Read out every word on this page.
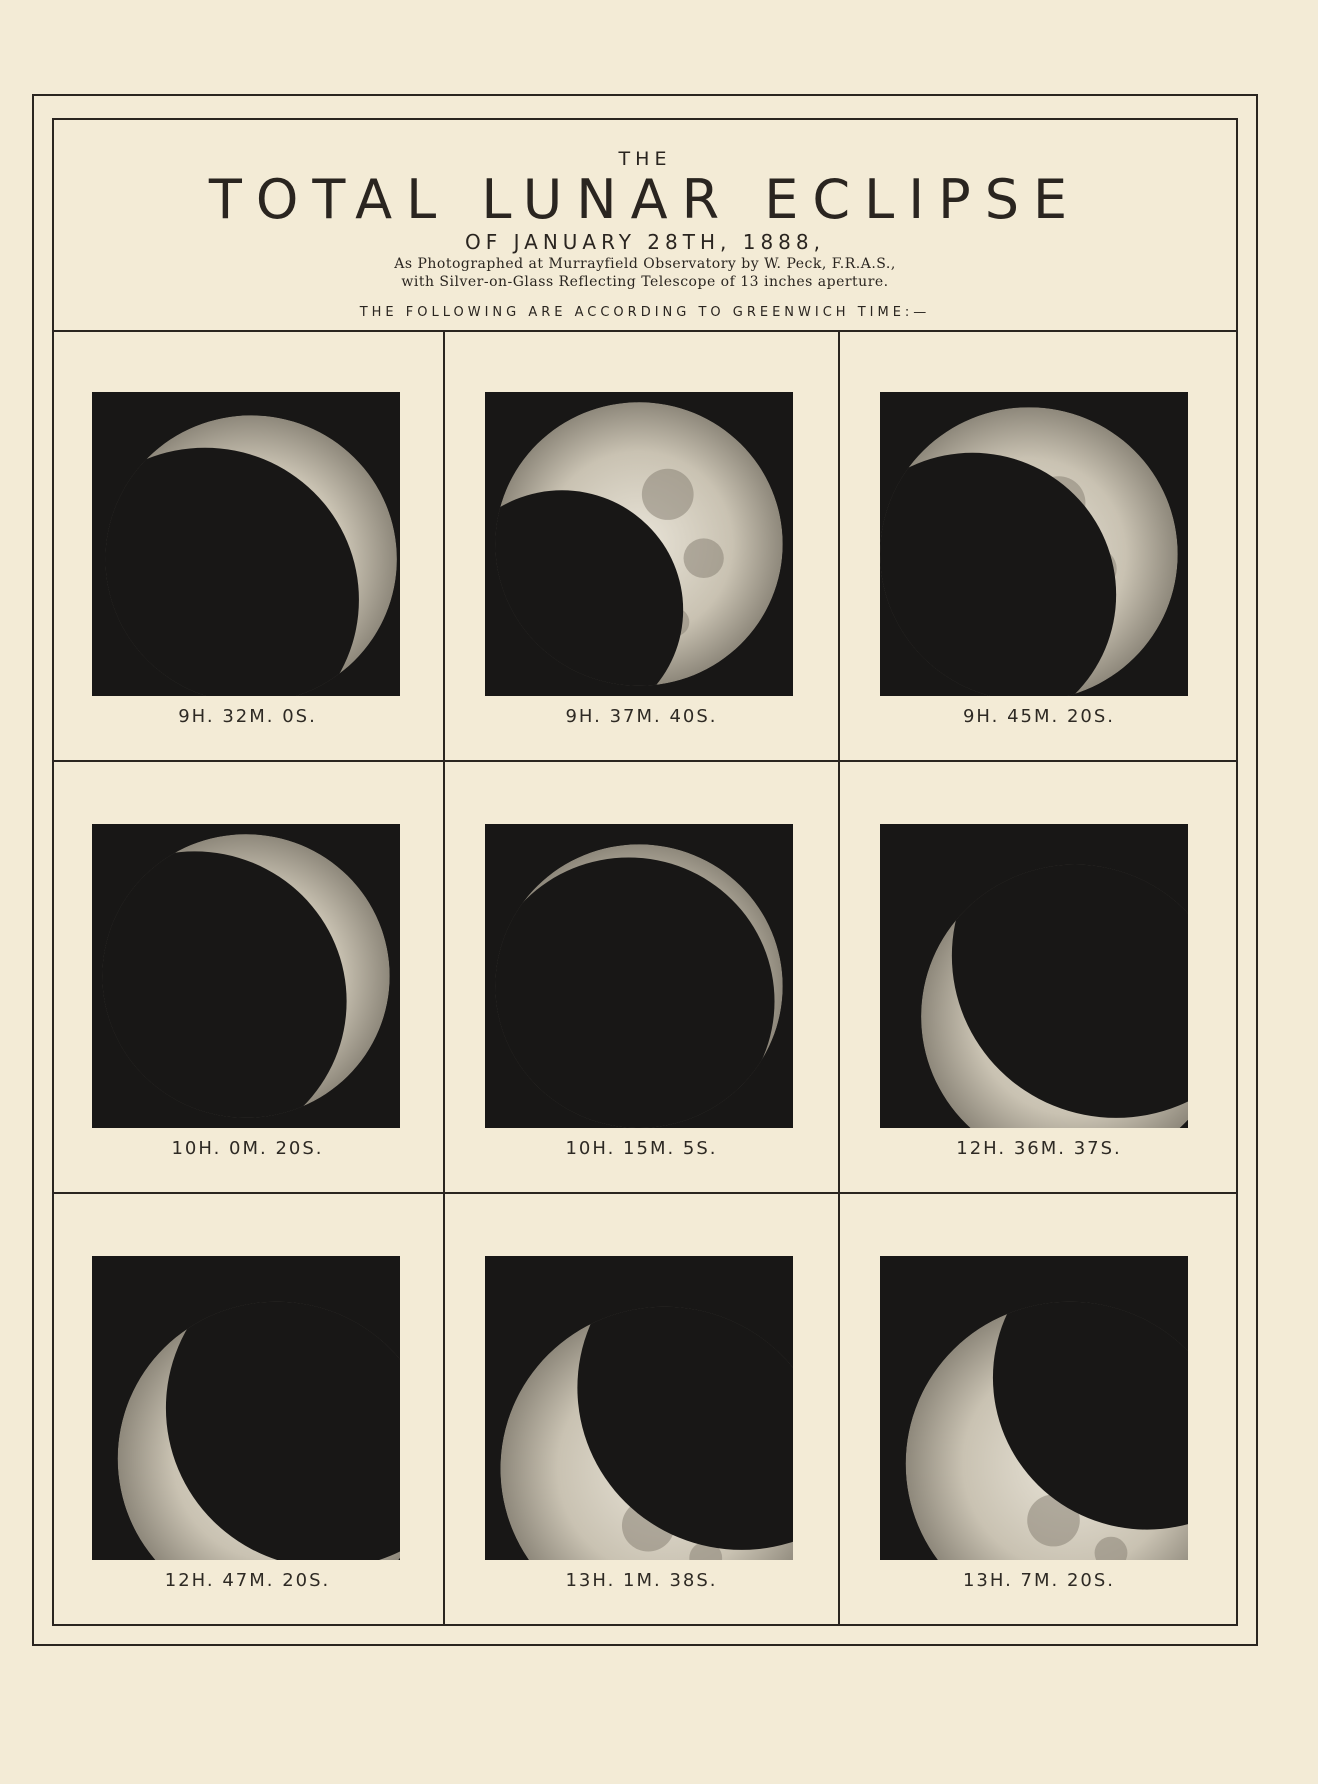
THE
TOTAL LUNAR ECLIPSE
OF JANUARY 28TH, 1888,
As Photographed at Murrayfield Observatory by W. Peck, F.R.A.S.,
with Silver-on-Glass Reflecting Telescope of 13 inches aperture.
THE FOLLOWING ARE ACCORDING TO GREENWICH TIME:—
9H. 32M. 0S.	9H. 37M. 40S.	9H. 45M. 20S.
10H. 0M. 20S.	10H. 15M. 5S.	12H. 36M. 37S.
12H. 47M. 20S.	13H. 1M. 38S.	13H. 7M. 20S.
